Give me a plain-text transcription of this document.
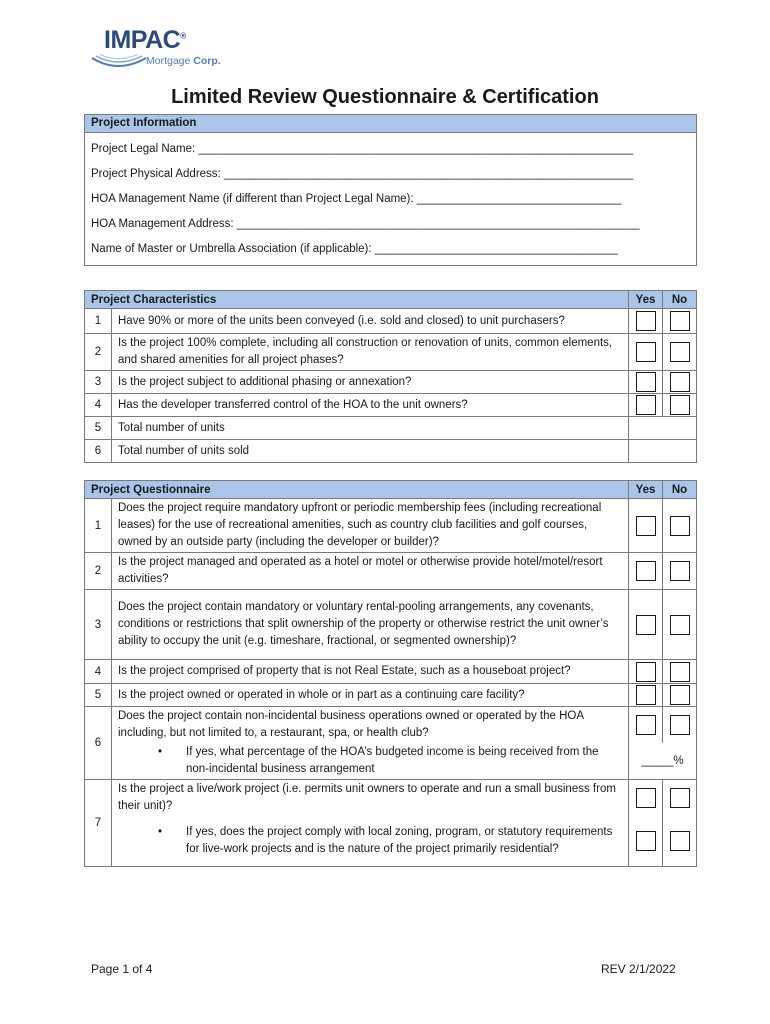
IMPAC®
Mortgage Corp.
Limited Review Questionnaire & Certification
Project Information
Project Legal Name: ____________________________________________________________________
Project Physical Address: ________________________________________________________________
HOA Management Name (if different than Project Legal Name): ________________________________
HOA Management Address: _______________________________________________________________
Name of Master or Umbrella Association (if applicable): ______________________________________
Project Characteristics		Yes	No
1	Have 90% or more of the units been conveyed (i.e. sold and closed) to unit purchasers?		
2	Is the project 100% complete, including all construction or renovation of units, common elements, and shared amenities for all project phases?		
3	Is the project subject to additional phasing or annexation?		
4	Has the developer transferred control of the HOA to the unit owners?		
5	Total number of units		
6	Total number of units sold		
Project Questionnaire		Yes	No
1	Does the project require mandatory upfront or periodic membership fees (including recreational leases) for the use of recreational amenities, such as country club facilities and golf courses, owned by an outside party (including the developer or builder)?		
2	Is the project managed and operated as a hotel or motel or otherwise provide hotel/motel/resort activities?		
3	Does the project contain mandatory or voluntary rental-pooling arrangements, any covenants, conditions or restrictions that split ownership of the property or otherwise restrict the unit owner’s ability to occupy the unit (e.g. timeshare, fractional, or segmented ownership)?		
4	Is the project comprised of property that is not Real Estate, such as a houseboat project?		
5	Is the project owned or operated in whole or in part as a continuing care facility?		
6	Does the project contain non-incidental business operations owned or operated by the HOA including, but not limited to, a restaurant, spa, or health club?		

	• If yes, what percentage of the HOA’s budgeted income is being received from the non-incidental business arrangement	_____%	
7	Is the project a live/work project (i.e. permits unit owners to operate and run a small business from their unit)?		

	• If yes, does the project comply with local zoning, program, or statutory requirements for live-work projects and is the nature of the project primarily residential?		

Page 1 of 4	REV 2/1/2022
